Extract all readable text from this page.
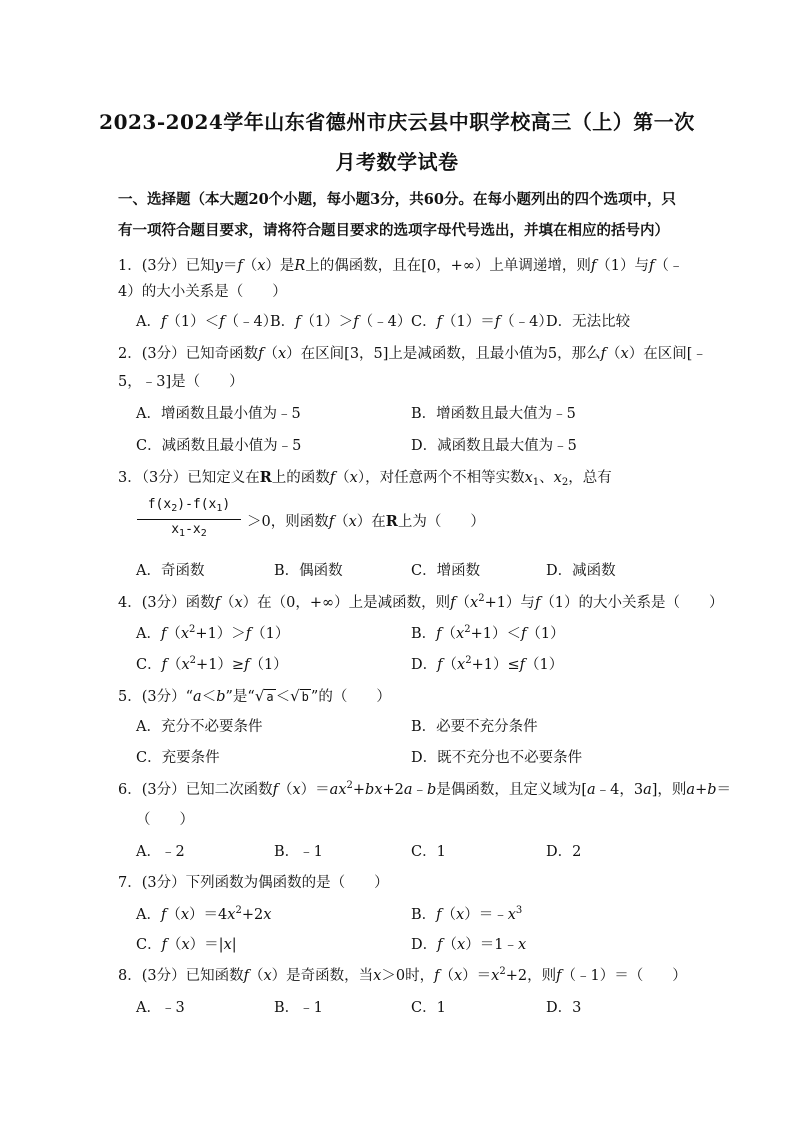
2023-2024学年山东省德州市庆云县中职学校高三（上）第一次
月考数学试卷
一、选择题（本大题20个小题，每小题3分，共60分。在每小题列出的四个选项中，只有一项符合题目要求，请将符合题目要求的选项字母代号选出，并填在相应的括号内）
1．(3分）已知y＝f（x）是R上的偶函数，且在[0，+∞）上单调递增，则f（1）与f（﹣
4）的大小关系是（　　）
A．f（1）＜f（﹣4）
B．f（1）＞f（﹣4） C．f（1）＝f（﹣4）
D．无法比较
2．(3分）已知奇函数f（x）在区间[3，5]上是减函数，且最小值为5，那么f（x）在区间[﹣
5，﹣3]是（　　）
A．增函数且最小值为﹣5	B．增函数且最大值为﹣5
C．减函数且最小值为﹣5	D．减函数且最大值为﹣5
3．（3分）已知定义在R上的函数f（x），对任意两个不相等实数$x_1$、$x_2$，总有
$f(x_2)-f(x_1)$
$x_1-x_2$
＞0，则函数f（x）在R上为（　　）
A．奇函数	B．偶函数	C．增函数	D．减函数
4．(3分）函数f（x）在（0，+∞）上是减函数，则$f(x^2+1)$与f（1）的大小关系是（　　）
A．$f(x^2+1)>f(1)$	B．$f(x^2+1)<f(1)$
C．$f(x^2+1)\ge f(1)$	D．$f(x^2+1)\le f(1)$
5．(3分）“a＜b”是“√ a ＜√ b ”的（　　）
A．充分不必要条件	B．必要不充分条件
C．充要条件	D．既不充分也不必要条件
6．(3分）已知二次函数$f(x)=ax^2+bx+2a﹣b$是偶函数，且定义域为[a﹣4，3a]，则a+b＝
（　　）
A．﹣2	B．﹣1	C．1	D．2
7．(3分）下列函数为偶函数的是（　　）
A．$f(x)=4x^2+2x$	B．$f(x)=﹣x^3$
C．f（x）＝|x|	D．f（x）＝1﹣x
8．(3分）已知函数f（x）是奇函数，当x＞0时，$f(x)=x^2+2$，则f（﹣1）＝（　　）
A．﹣3	B．﹣1	C．1	D．3
